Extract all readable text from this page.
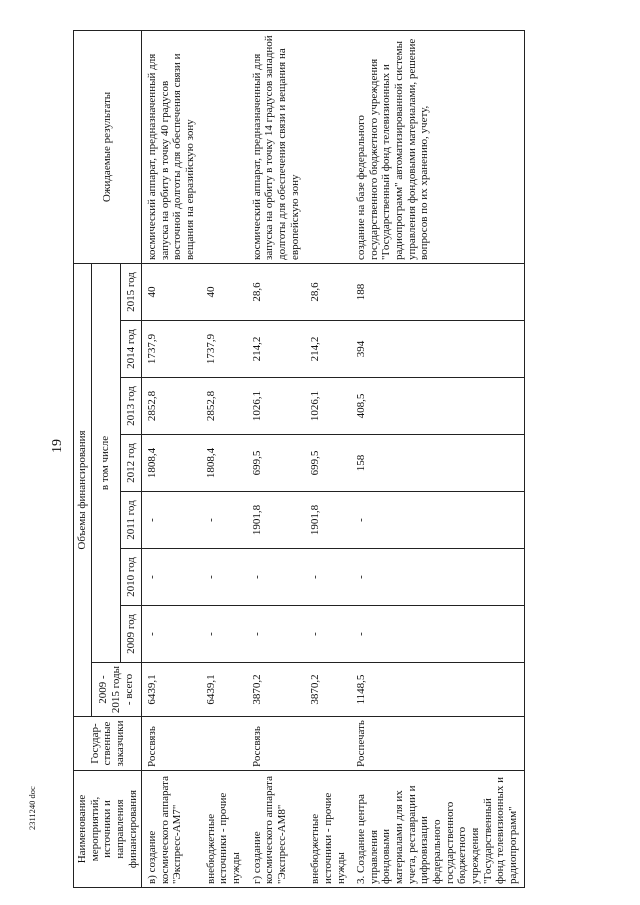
19
Наименование мероприятий, источники и направления финансирования	Государ-ственные заказчики	Объемы финансирования								Ожидаемые результаты
		2009 - 2015 годы - всего	в том числе							
			2009 год	2010 год	2011 год	2012 год	2013 год	2014 год	2015 год	
в) создание космического аппарата "Экспресс-АМ7"	Россвязь	6439,1	-	-	-	1808,4	2852,8	1737,9	40	космический аппарат, предназначенный для запуска на орбиту в точку 40 градусов восточной долготы для обеспечения связи и вещания на евразийскую зону
внебюджетные источники - прочие нужды		6439,1	-	-	-	1808,4	2852,8	1737,9	40	
г) создание космического аппарата "Экспресс-АМ8"	Россвязь	3870,2	-	-	1901,8	699,5	1026,1	214,2	28,6	космический аппарат, предназначенный для запуска на орбиту в точку 14 градусов западной долготы для обеспечения связи и вещания на европейскую зону
внебюджетные источники - прочие нужды		3870,2	-	-	1901,8	699,5	1026,1	214,2	28,6	
3. Создание центра управления фондовыми материалами для их учета, реставрации и цифровизации федерального государственного бюджетного учреждения "Государственный фонд телевизионных и радиопрограмм"	Роспечать	1148,5	-	-	-	158	408,5	394	188	создание на базе федерального государственного бюджетного учреждения "Государственный фонд телевизионных и радиопрограмм" автоматизированной системы управления фондовыми материалами, решение вопросов по их хранению, учету,
2311240 doc
